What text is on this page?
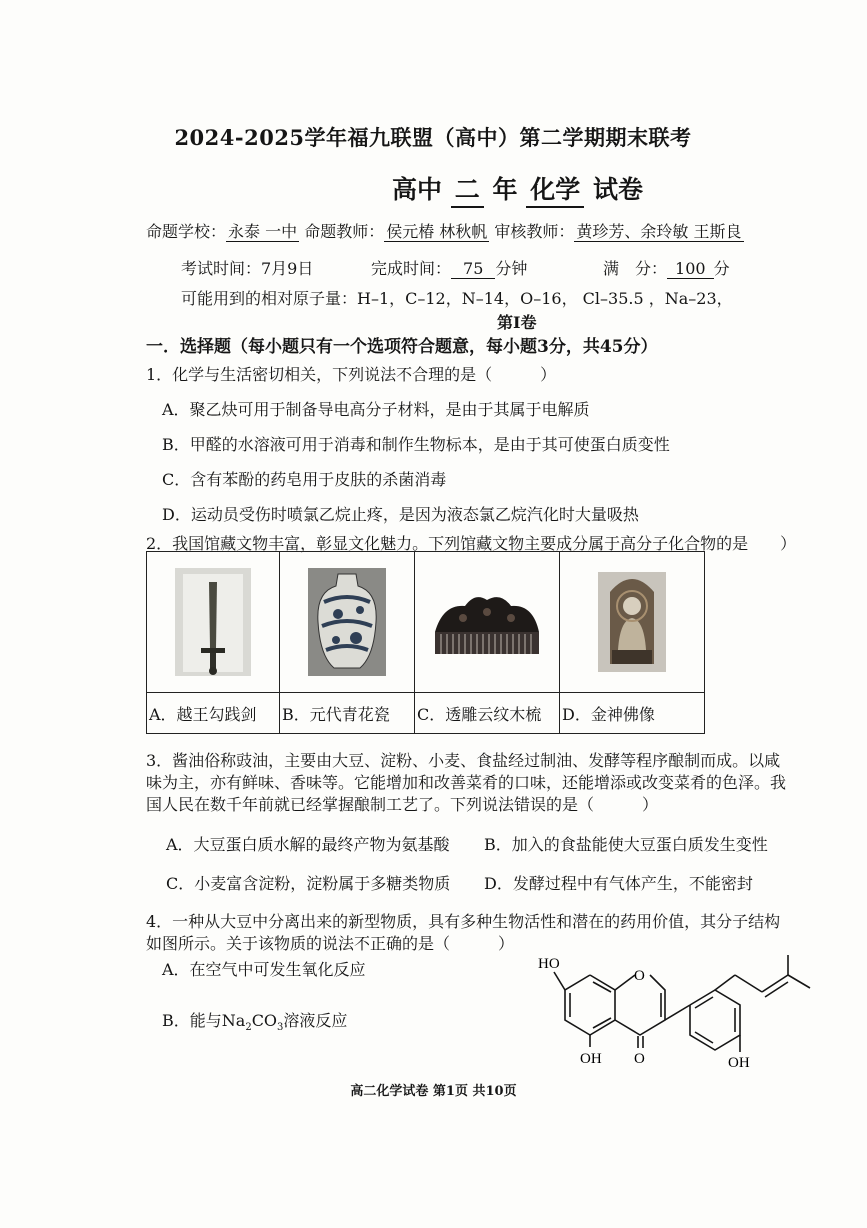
2024-2025学年福九联盟（高中）第二学期期末联考
高中 二 年 化学 试卷
命题学校： 永泰 一中 命题教师： 侯元椿 林秋帆 审核教师： 黄珍芳、余玲敏 王斯良
考试时间：7月9日	完成时间： 75 分钟	满　分： 100 分
可能用到的相对原子量：H–1，C–12，N–14，O–16， Cl–35.5 ，Na–23，
第Ⅰ卷
一．选择题（每小题只有一个选项符合题意，每小题3分，共45分）
1．化学与生活密切相关，下列说法不合理的是（　　　）
A．聚乙炔可用于制备导电高分子材料，是由于其属于电解质
B．甲醛的水溶液可用于消毒和制作生物标本，是由于其可使蛋白质变性
C．含有苯酚的药皂用于皮肤的杀菌消毒
D．运动员受伤时喷氯乙烷止疼，是因为液态氯乙烷汽化时大量吸热
2．我国馆藏文物丰富，彰显文化魅力。下列馆藏文物主要成分属于高分子化合物的是　　）

A．越王勾践剑	B．元代青花瓷	C．透雕云纹木梳	D．金神佛像
3．酱油俗称豉油，主要由大豆、淀粉、小麦、食盐经过制油、发酵等程序酿制而成。以咸
味为主，亦有鲜味、香味等。它能增加和改善菜肴的口味，还能增添或改变菜肴的色泽。我
国人民在数千年前就已经掌握酿制工艺了。下列说法错误的是（　　　）
A．大豆蛋白质水解的最终产物为氨基酸 B．加入的食盐能使大豆蛋白质发生变性
C．小麦富含淀粉，淀粉属于多糖类物质 D．发酵过程中有气体产生，不能密封
4．一种从大豆中分离出来的新型物质，具有多种生物活性和潜在的药用价值，其分子结构
如图所示。关于该物质的说法不正确的是（　　　）
A．在空气中可发生氧化反应
B．能与$Na_2CO_3$溶液反应
HO
O
O
OH	OH
高二化学试卷 第1页 共10页
